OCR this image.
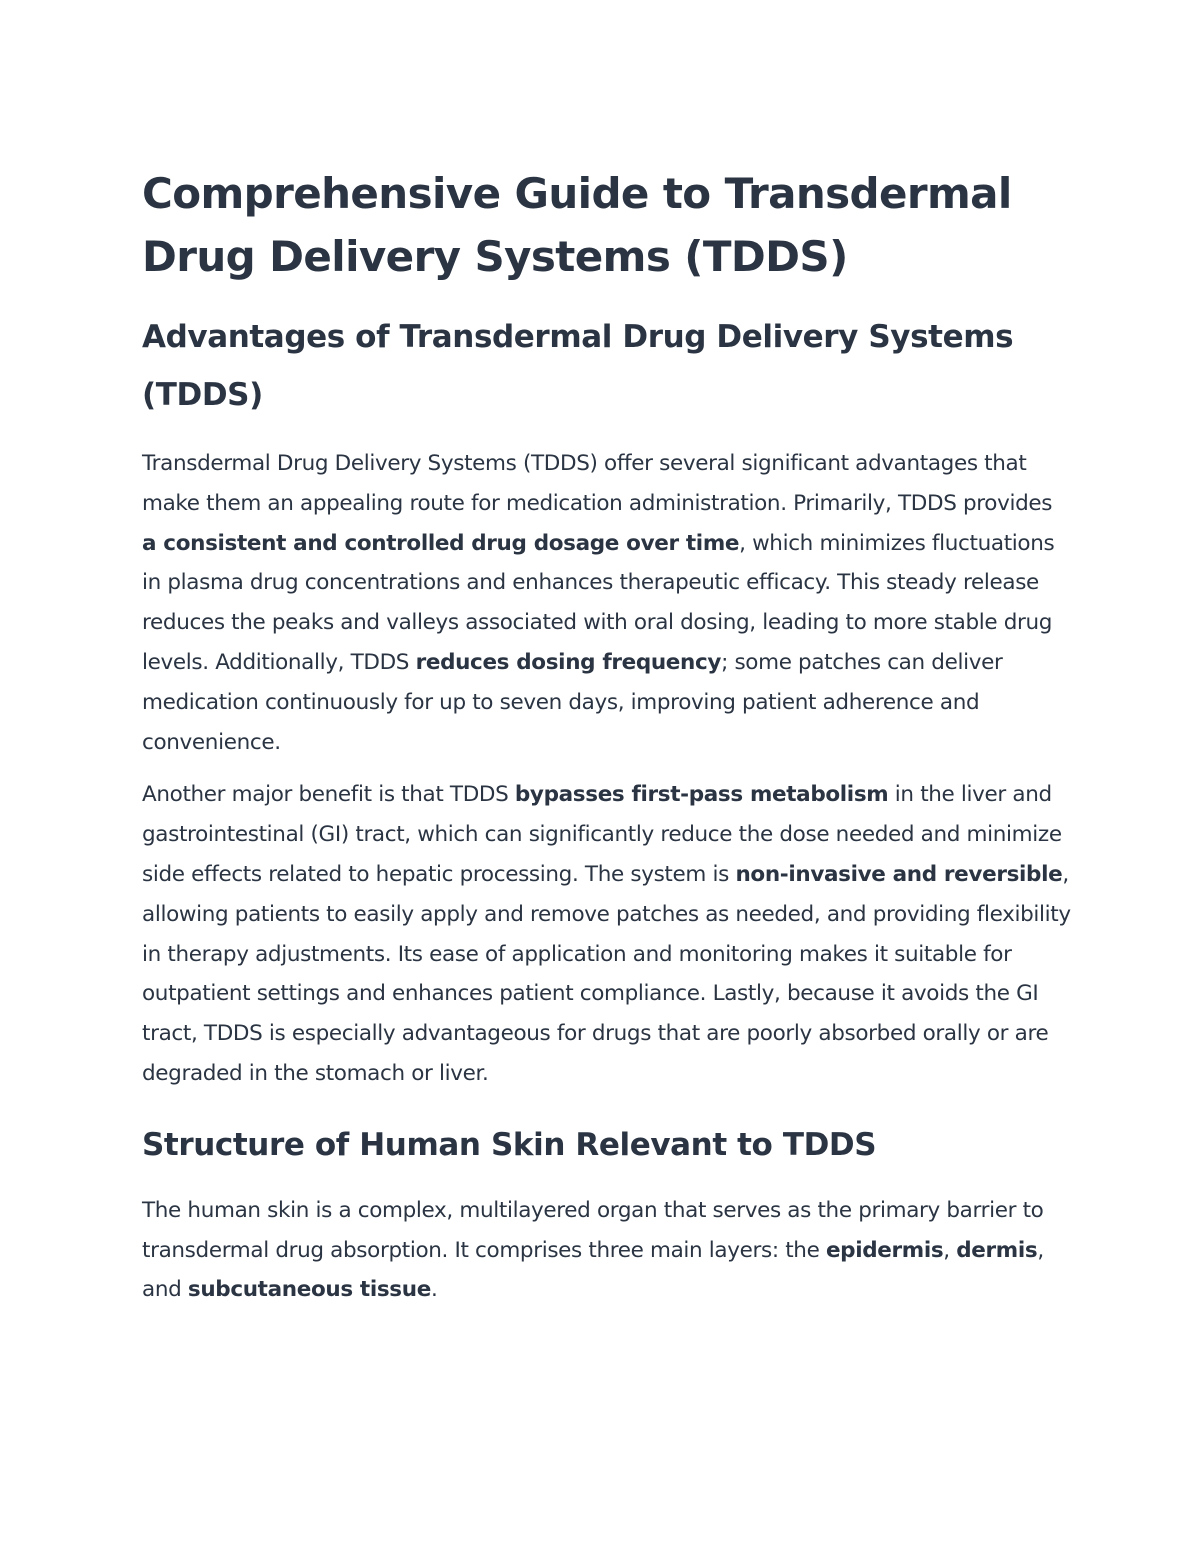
Comprehensive Guide to Transdermal Drug Delivery Systems (TDDS)
Advantages of Transdermal Drug Delivery Systems (TDDS)

Transdermal Drug Delivery Systems (TDDS) offer several significant advantages that make them an appealing route for medication administration. Primarily, TDDS provides a consistent and controlled drug dosage over time, which minimizes fluctuations in plasma drug concentrations and enhances therapeutic efficacy. This steady release reduces the peaks and valleys associated with oral dosing, leading to more stable drug levels. Additionally, TDDS reduces dosing frequency; some patches can deliver medication continuously for up to seven days, improving patient adherence and convenience.

Another major benefit is that TDDS bypasses first-pass metabolism in the liver and gastrointestinal (GI) tract, which can significantly reduce the dose needed and minimize side effects related to hepatic processing. The system is non-invasive and reversible, allowing patients to easily apply and remove patches as needed, and providing flexibility in therapy adjustments. Its ease of application and monitoring makes it suitable for outpatient settings and enhances patient compliance. Lastly, because it avoids the GI tract, TDDS is especially advantageous for drugs that are poorly absorbed orally or are degraded in the stomach or liver.

Structure of Human Skin Relevant to TDDS

The human skin is a complex, multilayered organ that serves as the primary barrier to transdermal drug absorption. It comprises three main layers: the epidermis, dermis, and subcutaneous tissue.
